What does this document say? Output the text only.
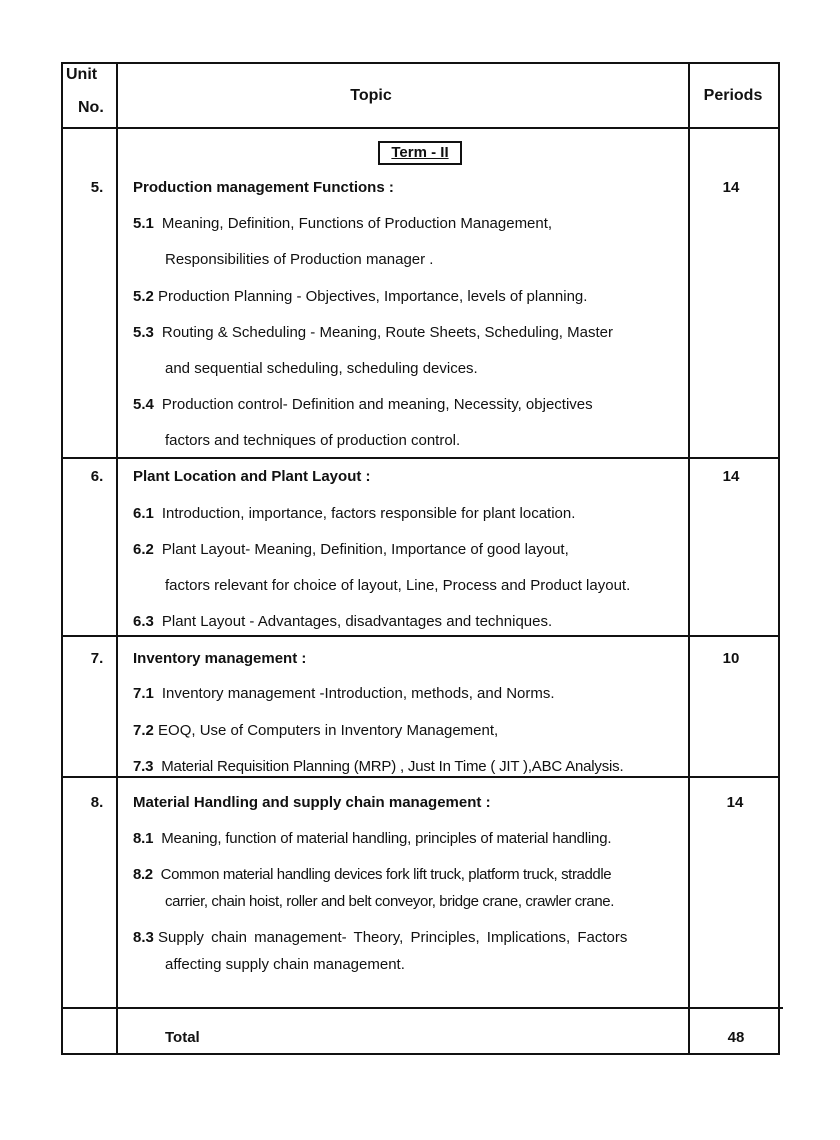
Unit
No.
Topic	Periods
Term - II
5. Production management Functions :	14
5.1 Meaning, Definition, Functions of Production Management,
Responsibilities of Production manager .
5.2 Production Planning - Objectives, Importance, levels of planning.
5.3 Routing & Scheduling - Meaning, Route Sheets, Scheduling, Master
and sequential scheduling, scheduling devices.
5.4 Production control- Definition and meaning, Necessity, objectives
factors and techniques of production control.
6. Plant Location and Plant Layout :	14
6.1 Introduction, importance, factors responsible for plant location.
6.2 Plant Layout- Meaning, Definition, Importance of good layout,
factors relevant for choice of layout, Line, Process and Product layout.
6.3 Plant Layout - Advantages, disadvantages and techniques.
7. Inventory management :	10
7.1 Inventory management -Introduction, methods, and Norms.
7.2 EOQ, Use of Computers in Inventory Management,
7.3 Material Requisition Planning (MRP) , Just In Time ( JIT ),ABC Analysis.
8. Material Handling and supply chain management :	14
8.1 Meaning, function of material handling, principles of material handling.
8.2 Common material handling devices fork lift truck, platform truck, straddle
carrier, chain hoist, roller and belt conveyor, bridge crane, crawler crane.
8.3 Supply chain management- Theory, Principles, Implications, Factors
affecting supply chain management.
Total	48
